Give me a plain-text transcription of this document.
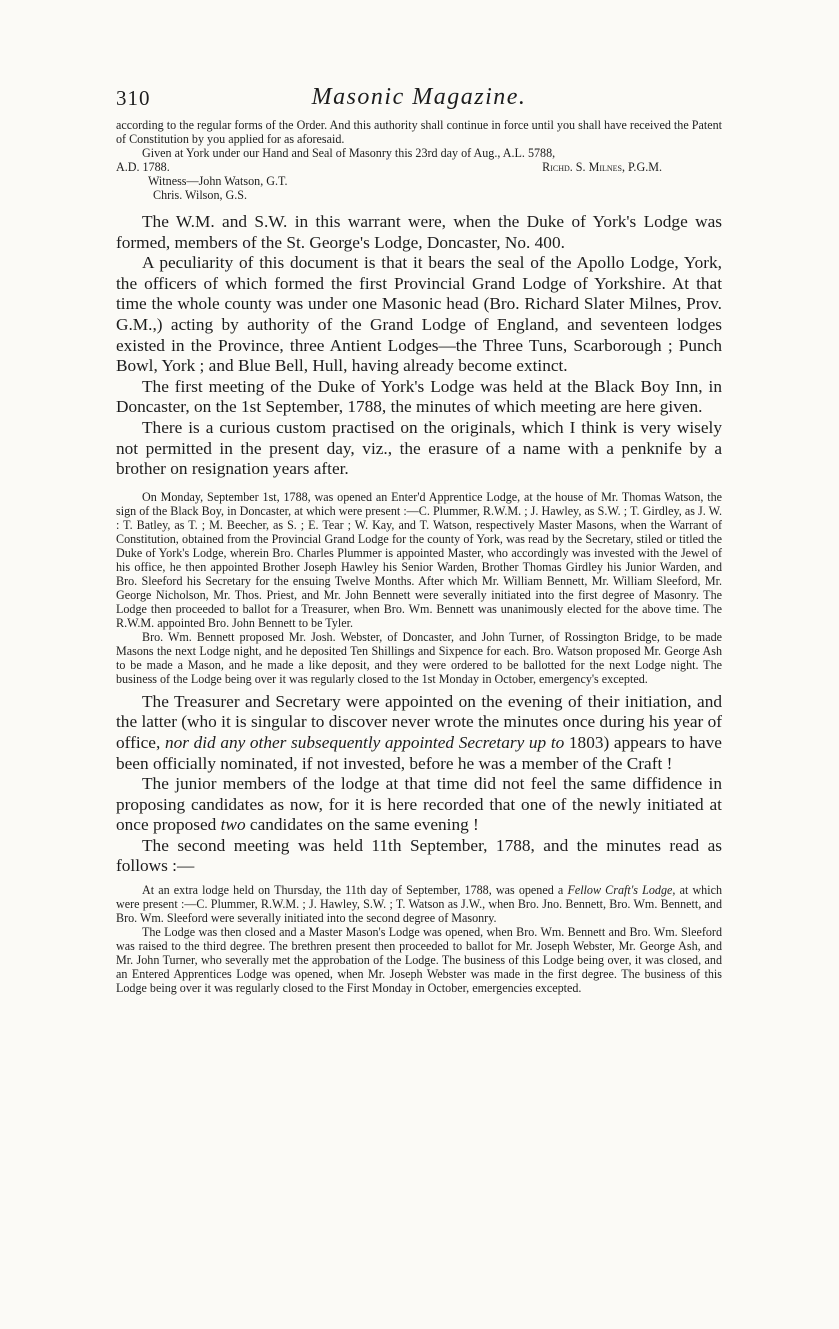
310	Masonic Magazine.

according to the regular forms of the Order. And this authority shall continue in force until you shall have received the Patent of Constitution by you applied for as aforesaid.

Given at York under our Hand and Seal of Masonry this 23rd day of Aug., A.L. 5788,

A.D. 1788.	Richd. S. Milnes, P.G.M.

Witness—John Watson, G.T.

Chris. Wilson, G.S.

The W.M. and S.W. in this warrant were, when the Duke of York's Lodge was formed, members of the St. George's Lodge, Doncaster, No. 400.

A peculiarity of this document is that it bears the seal of the Apollo Lodge, York, the officers of which formed the first Provincial Grand Lodge of Yorkshire. At that time the whole county was under one Masonic head (Bro. Richard Slater Milnes, Prov. G.M.,) acting by authority of the Grand Lodge of England, and seventeen lodges existed in the Province, three Antient Lodges—the Three Tuns, Scarborough ; Punch Bowl, York ; and Blue Bell, Hull, having already become extinct.

The first meeting of the Duke of York's Lodge was held at the Black Boy Inn, in Doncaster, on the 1st September, 1788, the minutes of which meeting are here given.

There is a curious custom practised on the originals, which I think is very wisely not permitted in the present day, viz., the erasure of a name with a penknife by a brother on resignation years after.

On Monday, September 1st, 1788, was opened an Enter'd Apprentice Lodge, at the house of Mr. Thomas Watson, the sign of the Black Boy, in Doncaster, at which were present :—C. Plummer, R.W.M. ; J. Hawley, as S.W. ; T. Girdley, as J. W. : T. Batley, as T. ; M. Beecher, as S. ; E. Tear ; W. Kay, and T. Watson, respectively Master Masons, when the Warrant of Constitution, obtained from the Provincial Grand Lodge for the county of York, was read by the Secretary, stiled or titled the Duke of York's Lodge, wherein Bro. Charles Plummer is appointed Master, who accordingly was invested with the Jewel of his office, he then appointed Brother Joseph Hawley his Senior Warden, Brother Thomas Girdley his Junior Warden, and Bro. Sleeford his Secretary for the ensuing Twelve Months. After which Mr. William Bennett, Mr. William Sleeford, Mr. George Nicholson, Mr. Thos. Priest, and Mr. John Bennett were severally initiated into the first degree of Masonry. The Lodge then proceeded to ballot for a Treasurer, when Bro. Wm. Bennett was unanimously elected for the above time. The R.W.M. appointed Bro. John Bennett to be Tyler.

Bro. Wm. Bennett proposed Mr. Josh. Webster, of Doncaster, and John Turner, of Rossington Bridge, to be made Masons the next Lodge night, and he deposited Ten Shillings and Sixpence for each. Bro. Watson proposed Mr. George Ash to be made a Mason, and he made a like deposit, and they were ordered to be ballotted for the next Lodge night. The business of the Lodge being over it was regularly closed to the 1st Monday in October, emergency's excepted.

The Treasurer and Secretary were appointed on the evening of their initiation, and the latter (who it is singular to discover never wrote the minutes once during his year of office, nor did any other subsequently appointed Secretary up to 1803) appears to have been officially nominated, if not invested, before he was a member of the Craft !

The junior members of the lodge at that time did not feel the same diffidence in proposing candidates as now, for it is here recorded that one of the newly initiated at once proposed two candidates on the same evening !

The second meeting was held 11th September, 1788, and the minutes read as follows :—

At an extra lodge held on Thursday, the 11th day of September, 1788, was opened a Fellow Craft's Lodge, at which were present :—C. Plummer, R.W.M. ; J. Hawley, S.W. ; T. Watson as J.W., when Bro. Jno. Bennett, Bro. Wm. Bennett, and Bro. Wm. Sleeford were severally initiated into the second degree of Masonry.

The Lodge was then closed and a Master Mason's Lodge was opened, when Bro. Wm. Bennett and Bro. Wm. Sleeford was raised to the third degree. The brethren present then proceeded to ballot for Mr. Joseph Webster, Mr. George Ash, and Mr. John Turner, who severally met the approbation of the Lodge. The business of this Lodge being over, it was closed, and an Entered Apprentices Lodge was opened, when Mr. Joseph Webster was made in the first degree. The business of this Lodge being over it was regularly closed to the First Monday in October, emergencies excepted.
